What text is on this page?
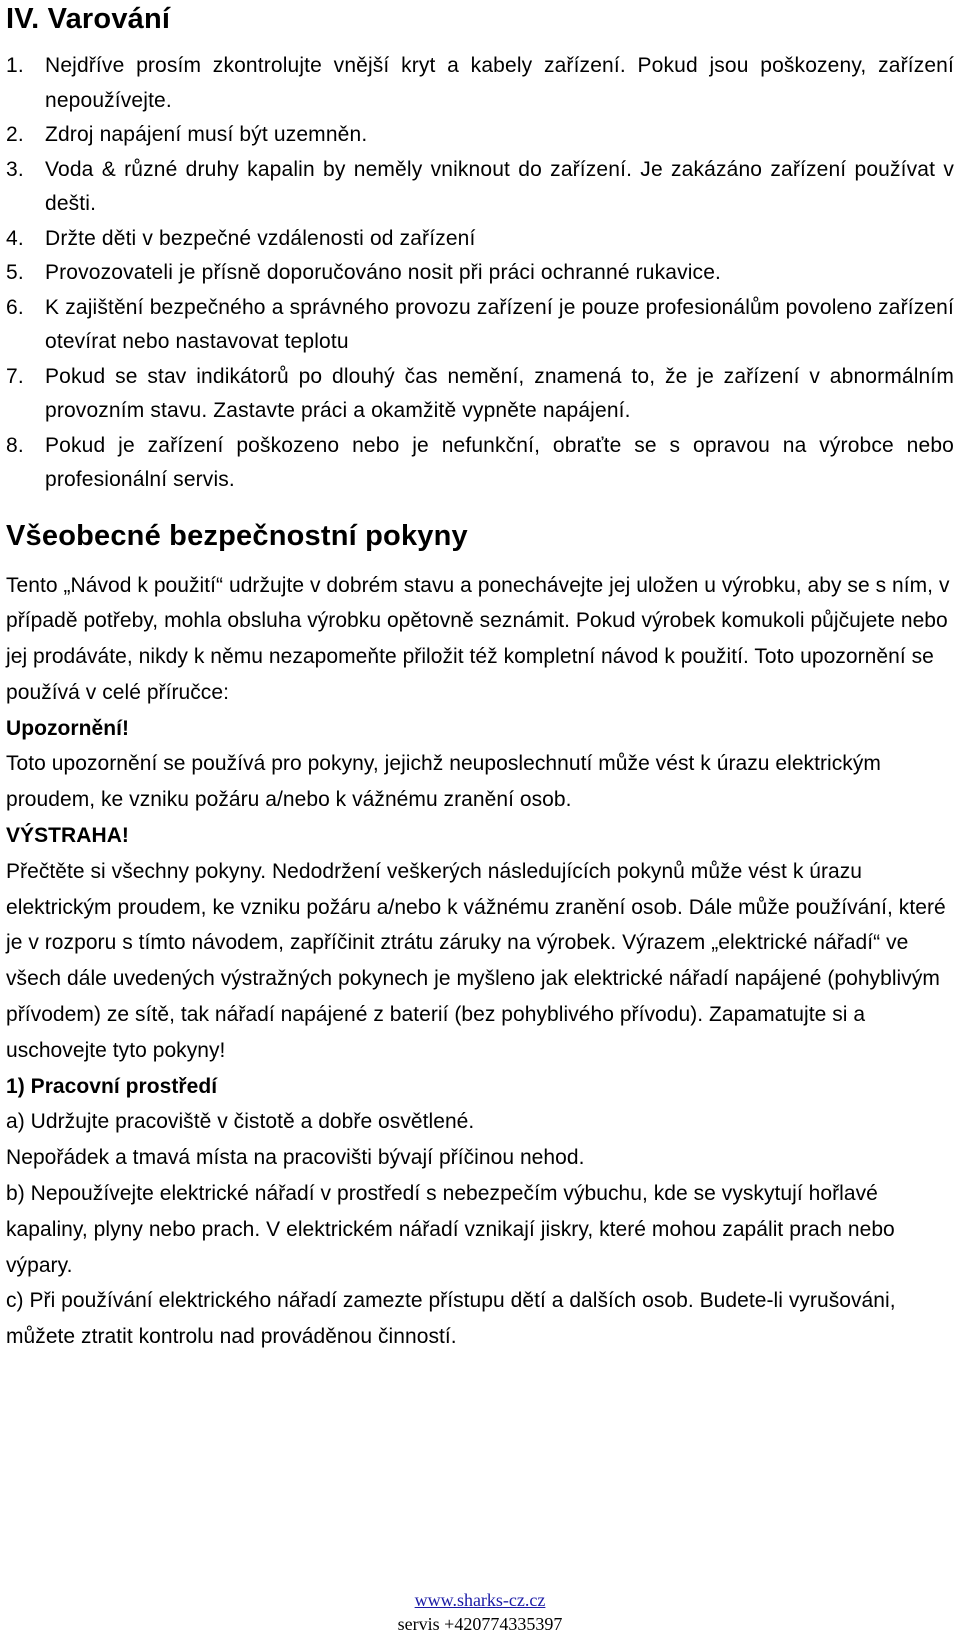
IV. Varování
1. Nejdříve prosím zkontrolujte vnější kryt a kabely zařízení. Pokud jsou poškozeny, zařízení nepoužívejte.
2. Zdroj napájení musí být uzemněn.
3. Voda & různé druhy kapalin by neměly vniknout do zařízení. Je zakázáno zařízení používat v dešti.
4. Držte děti v bezpečné vzdálenosti od zařízení
5. Provozovateli je přísně doporučováno nosit při práci ochranné rukavice.
6. K zajištění bezpečného a správného provozu zařízení je pouze profesionálům povoleno zařízení otevírat nebo nastavovat teplotu
7. Pokud se stav indikátorů po dlouhý čas nemění, znamená to, že je zařízení v abnormálním provozním stavu. Zastavte práci a okamžitě vypněte napájení.
8. Pokud je zařízení poškozeno nebo je nefunkční, obraťte se s opravou na výrobce nebo profesionální servis.
Všeobecné bezpečnostní pokyny

Tento „Návod k použití“ udržujte v dobrém stavu a ponechávejte jej uložen u výrobku, aby se s ním, v případě potřeby, mohla obsluha výrobku opětovně seznámit. Pokud výrobek komukoli půjčujete nebo jej prodáváte, nikdy k němu nezapomeňte přiložit též kompletní návod k použití. Toto upozornění se používá v celé příručce:

Upozornění!

Toto upozornění se používá pro pokyny, jejichž neuposlechnutí může vést k úrazu elektrickým proudem, ke vzniku požáru a/nebo k vážnému zranění osob.

VÝSTRAHA!

Přečtěte si všechny pokyny. Nedodržení veškerých následujících pokynů může vést k úrazu elektrickým proudem, ke vzniku požáru a/nebo k vážnému zranění osob. Dále může používání, které je v rozporu s tímto návodem, zapříčinit ztrátu záruky na výrobek. Výrazem „elektrické nářadí“ ve všech dále uvedených výstražných pokynech je myšleno jak elektrické nářadí napájené (pohyblivým přívodem) ze sítě, tak nářadí napájené z baterií (bez pohyblivého přívodu). Zapamatujte si a uschovejte tyto pokyny!

1) Pracovní prostředí

a) Udržujte pracoviště v čistotě a dobře osvětlené.

Nepořádek a tmavá místa na pracovišti bývají příčinou nehod.

b) Nepoužívejte elektrické nářadí v prostředí s nebezpečím výbuchu, kde se vyskytují hořlavé kapaliny, plyny nebo prach. V elektrickém nářadí vznikají jiskry, které mohou zapálit prach nebo výpary.

c) Při používání elektrického nářadí zamezte přístupu dětí a dalších osob. Budete-li vyrušováni, můžete ztratit kontrolu nad prováděnou činností.

www.sharks-cz.cz
servis +420774335397
